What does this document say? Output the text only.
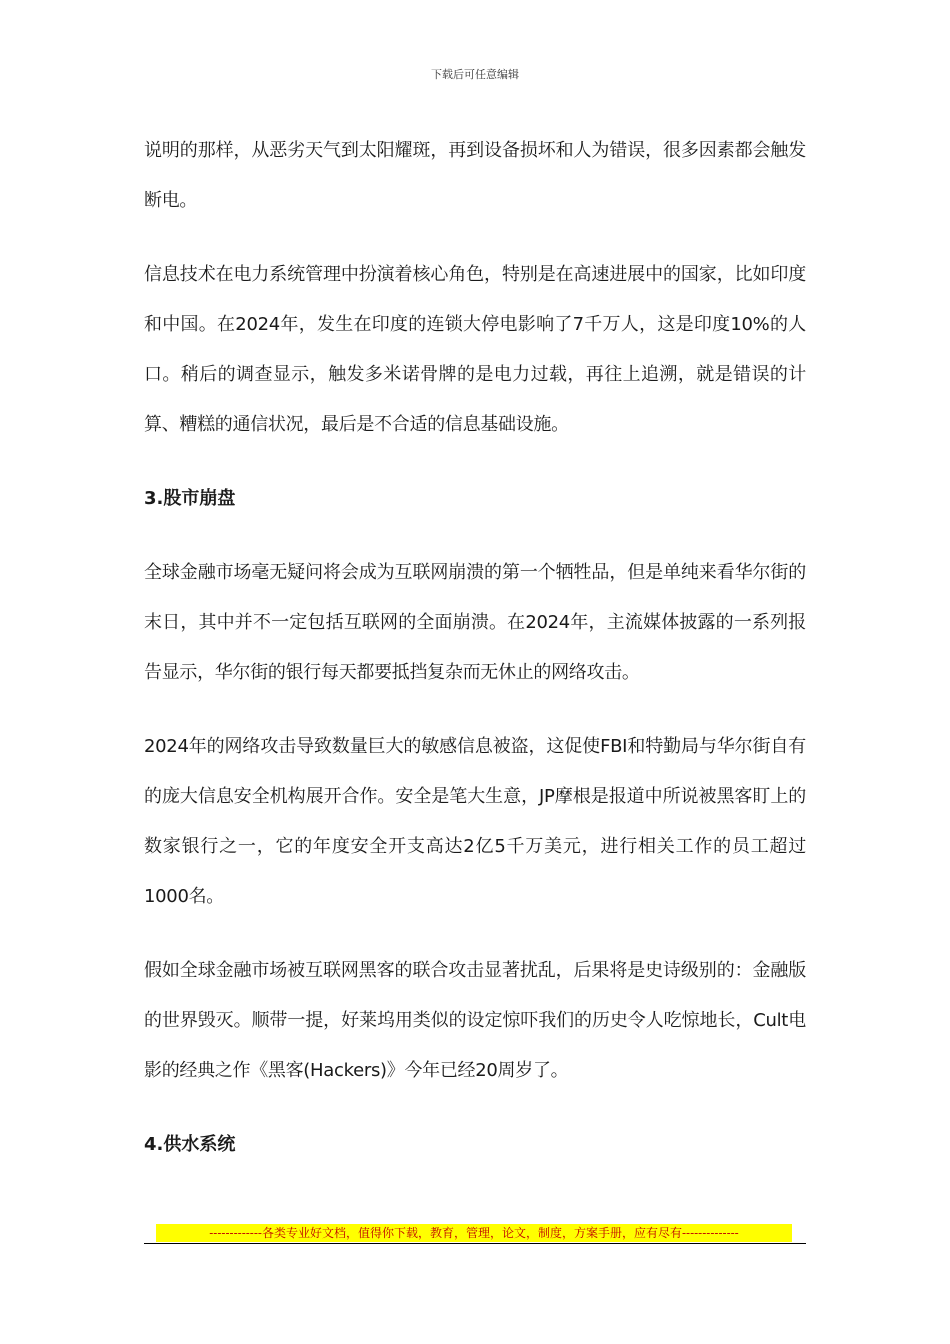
下载后可任意编辑

说明的那样，从恶劣天气到太阳耀斑，再到设备损坏和人为错误，很多因素都会触发断电。

信息技术在电力系统管理中扮演着核心角色，特别是在高速进展中的国家，比如印度和中国。在2024年，发生在印度的连锁大停电影响了7千万人，这是印度10%的人口。稍后的调查显示，触发多米诺骨牌的是电力过载，再往上追溯，就是错误的计算、糟糕的通信状况，最后是不合适的信息基础设施。

3.股市崩盘

全球金融市场毫无疑问将会成为互联网崩溃的第一个牺牲品，但是单纯来看华尔街的末日，其中并不一定包括互联网的全面崩溃。在2024年，主流媒体披露的一系列报告显示，华尔街的银行每天都要抵挡复杂而无休止的网络攻击。

2024年的网络攻击导致数量巨大的敏感信息被盗，这促使FBI和特勤局与华尔街自有的庞大信息安全机构展开合作。安全是笔大生意，JP摩根是报道中所说被黑客盯上的数家银行之一，它的年度安全开支高达2亿5千万美元，进行相关工作的员工超过1000名。

假如全球金融市场被互联网黑客的联合攻击显著扰乱，后果将是史诗级别的：金融版的世界毁灭。顺带一提，好莱坞用类似的设定惊吓我们的历史令人吃惊地长，Cult电影的经典之作《黑客(Hackers)》今年已经20周岁了。

4.供水系统
-------------各类专业好文档，值得你下载，教育，管理，论文，制度，方案手册，应有尽有--------------
